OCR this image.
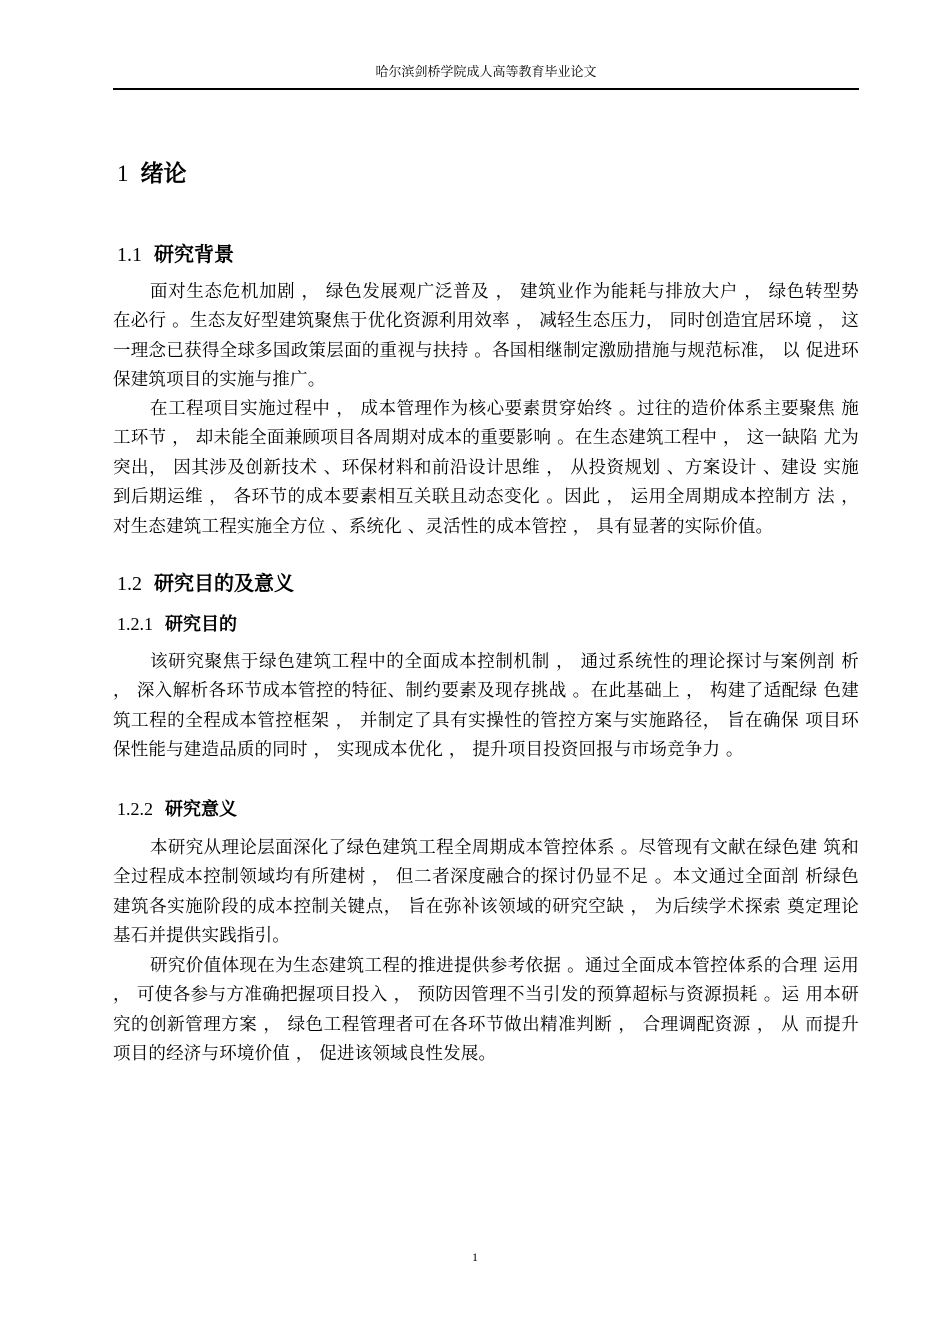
哈尔滨剑桥学院成人高等教育毕业论文
1 绪论
1.1 研究背景

面对生态危机加剧 ， 绿色发展观广泛普及 ， 建筑业作为能耗与排放大户 ， 绿色转型势 在必行 。生态友好型建筑聚焦于优化资源利用效率 ， 减轻生态压力， 同时创造宜居环境 ， 这一理念已获得全球多国政策层面的重视与扶持 。各国相继制定激励措施与规范标准， 以 促进环保建筑项目的实施与推广。

在工程项目实施过程中 ， 成本管理作为核心要素贯穿始终 。过往的造价体系主要聚焦 施工环节 ， 却未能全面兼顾项目各周期对成本的重要影响 。在生态建筑工程中 ， 这一缺陷 尤为突出， 因其涉及创新技术 、环保材料和前沿设计思维 ， 从投资规划 、方案设计 、建设 实施到后期运维 ， 各环节的成本要素相互关联且动态变化 。因此 ， 运用全周期成本控制方 法 ， 对生态建筑工程实施全方位 、系统化 、灵活性的成本管控 ， 具有显著的实际价值。

1.2 研究目的及意义
1.2.1 研究目的

该研究聚焦于绿色建筑工程中的全面成本控制机制 ， 通过系统性的理论探讨与案例剖 析 ， 深入解析各环节成本管控的特征、制约要素及现存挑战 。在此基础上 ， 构建了适配绿 色建筑工程的全程成本管控框架 ， 并制定了具有实操性的管控方案与实施路径， 旨在确保 项目环保性能与建造品质的同时 ， 实现成本优化 ， 提升项目投资回报与市场竞争力 。

1.2.2 研究意义

本研究从理论层面深化了绿色建筑工程全周期成本管控体系 。尽管现有文献在绿色建 筑和全过程成本控制领域均有所建树 ， 但二者深度融合的探讨仍显不足 。本文通过全面剖 析绿色建筑各实施阶段的成本控制关键点， 旨在弥补该领域的研究空缺 ， 为后续学术探索 奠定理论基石并提供实践指引。

研究价值体现在为生态建筑工程的推进提供参考依据 。通过全面成本管控体系的合理 运用 ， 可使各参与方准确把握项目投入 ， 预防因管理不当引发的预算超标与资源损耗 。运 用本研究的创新管理方案 ， 绿色工程管理者可在各环节做出精准判断 ， 合理调配资源 ， 从 而提升项目的经济与环境价值 ， 促进该领域良性发展。

1
